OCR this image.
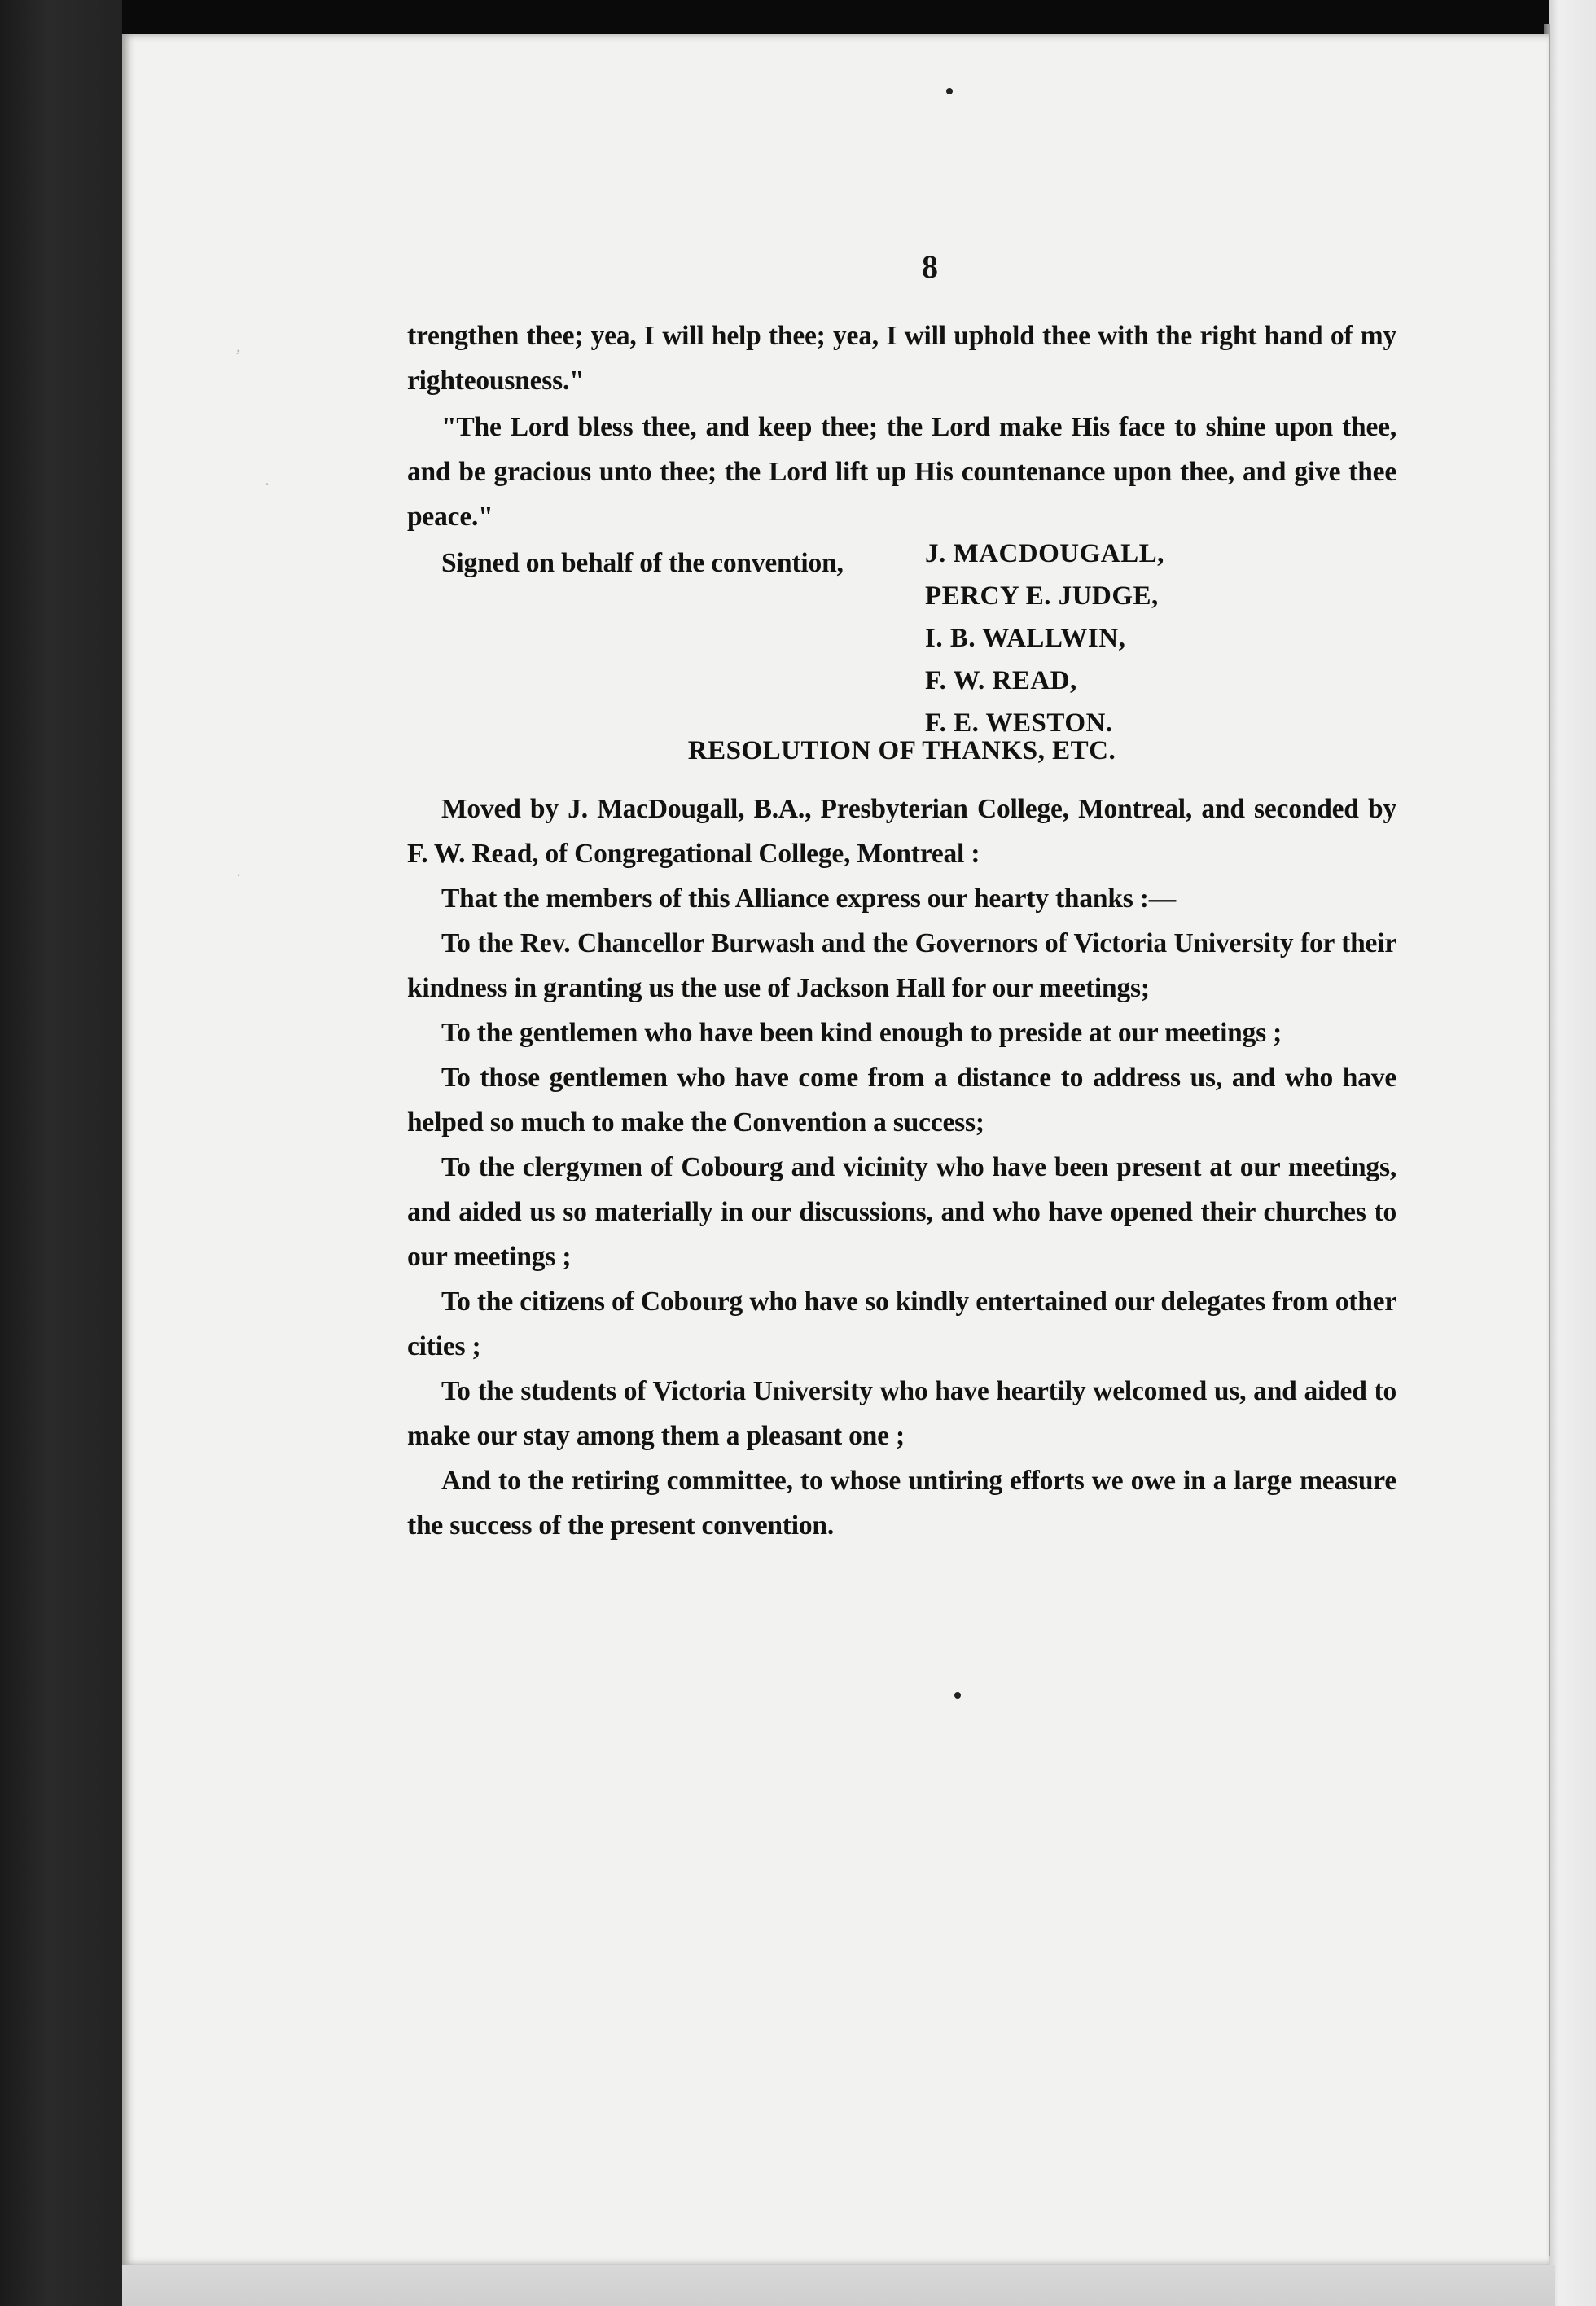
,
·
·
8

trengthen thee; yea, I will help thee; yea, I will uphold thee with the right hand of my righteousness."

"The Lord bless thee, and keep thee; the Lord make His face to shine upon thee, and be gracious unto thee; the Lord lift up His countenance upon thee, and give thee peace."

Signed on behalf of the convention,	J. MACDOUGALL,
PERCY E. JUDGE,
I. B. WALLWIN,
F. W. READ,
F. E. WESTON.
RESOLUTION OF THANKS, ETC.

Moved by J. MacDougall, B.A., Presbyterian College, Montreal, and seconded by F. W. Read, of Congregational College, Montreal :

That the members of this Alliance express our hearty thanks :—

To the Rev. Chancellor Burwash and the Governors of Victoria University for their kindness in granting us the use of Jackson Hall for our meetings;

To the gentlemen who have been kind enough to preside at our meetings ;

To those gentlemen who have come from a distance to address us, and who have helped so much to make the Convention a success;

To the clergymen of Cobourg and vicinity who have been present at our meetings, and aided us so materially in our discussions, and who have opened their churches to our meetings ;

To the citizens of Cobourg who have so kindly entertained our delegates from other cities ;

To the students of Victoria University who have heartily welcomed us, and aided to make our stay among them a pleasant one ;

And to the retiring committee, to whose untiring efforts we owe in a large measure the success of the present convention.
